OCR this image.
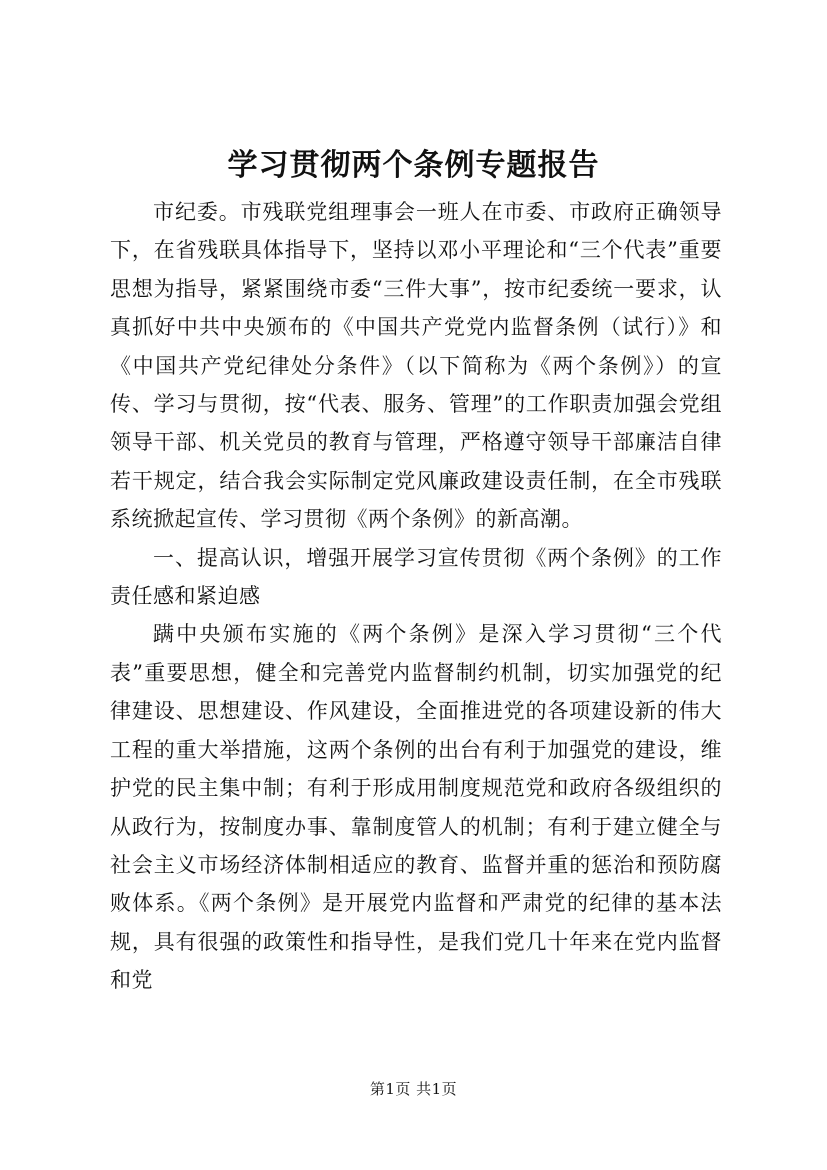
学习贯彻两个条例专题报告

市纪委。市残联党组理事会一班人在市委、市政府正确领导下，在省残联具体指导下，坚持以邓小平理论和“三个代表”重要思想为指导，紧紧围绕市委“三件大事”，按市纪委统一要求，认真抓好中共中央颁布的《中国共产党党内监督条例（试行）》和《中国共产党纪律处分条件》（以下简称为《两个条例》）的宣传、学习与贯彻，按“代表、服务、管理”的工作职责加强会党组领导干部、机关党员的教育与管理，严格遵守领导干部廉洁自律若干规定，结合我会实际制定党风廉政建设责任制，在全市残联系统掀起宣传、学习贯彻《两个条例》的新高潮。

一、提高认识，增强开展学习宣传贯彻《两个条例》的工作责任感和紧迫感

蹒中央颁布实施的《两个条例》是深入学习贯彻“三个代表”重要思想，健全和完善党内监督制约机制，切实加强党的纪律建设、思想建设、作风建设，全面推进党的各项建设新的伟大工程的重大举措施，这两个条例的出台有利于加强党的建设，维护党的民主集中制；有利于形成用制度规范党和政府各级组织的从政行为，按制度办事、靠制度管人的机制；有利于建立健全与社会主义市场经济体制相适应的教育、监督并重的惩治和预防腐败体系。《两个条例》是开展党内监督和严肃党的纪律的基本法规，具有很强的政策性和指导性，是我们党几十年来在党内监督和党

第1页 共1页
